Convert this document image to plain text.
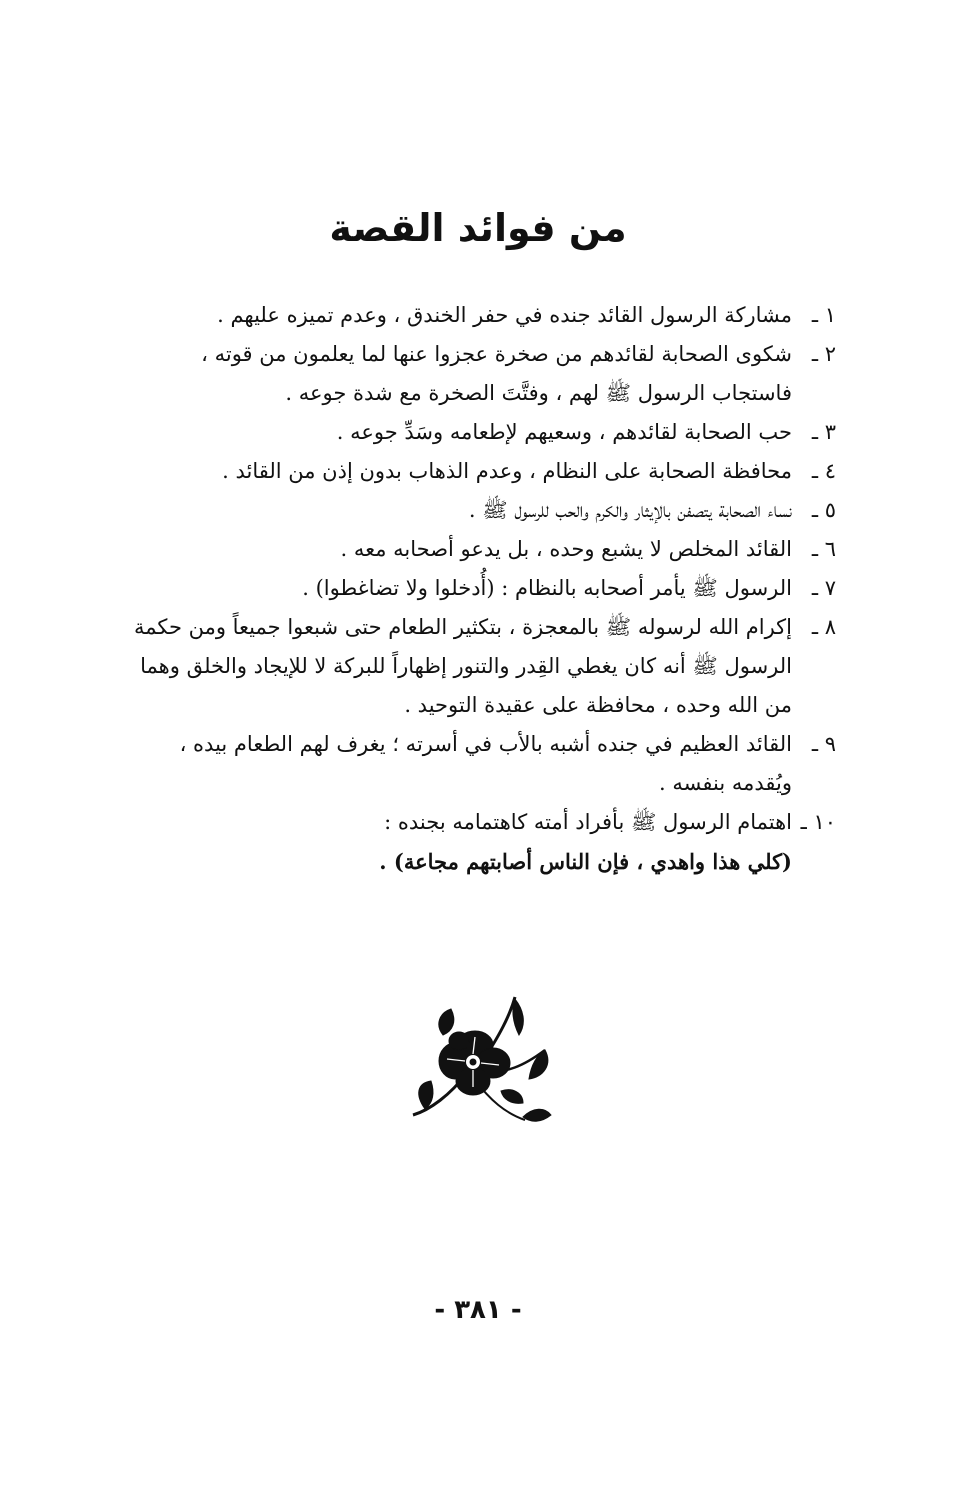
من فوائد القصة
١ ـمشاركة الرسول القائد جنده في حفر الخندق ، وعدم تميزه عليهم .
٢ ـشكوى الصحابة لقائدهم من صخرة عجزوا عنها لما يعلمون من قوته ، فاستجاب الرسول ﷺ لهم ، وفتَّتَ الصخرة مع شدة جوعه .
٣ ـحب الصحابة لقائدهم ، وسعيهم لإطعامه وسَدِّ جوعه .
٤ ـمحافظة الصحابة على النظام ، وعدم الذهاب بدون إذن من القائد .
٥ ـنساء الصحابة يتصفن بالإيثار والكرم والحب للرسول ﷺ .
٦ ـالقائد المخلص لا يشبع وحده ، بل يدعو أصحابه معه .
٧ ـالرسول ﷺ يأمر أصحابه بالنظام : (أُدخلوا ولا تضاغطوا) .
٨ ـإكرام الله لرسوله ﷺ بالمعجزة ، بتكثير الطعام حتى شبعوا جميعاً ومن حكمة الرسول ﷺ أنه كان يغطي القِدر والتنور إظهاراً للبركة لا للإيجاد والخلق وهما من الله وحده ، محافظة على عقيدة التوحيد .
٩ ـالقائد العظيم في جنده أشبه بالأب في أسرته ؛ يغرف لهم الطعام بيده ، ويُقدمه بنفسه .
١٠ ـاهتمام الرسول ﷺ بأفراد أمته كاهتمامه بجنده :
(كلي هذا واهدي ، فإن الناس أصابتهم مجاعة) .
- ٣٨١ -
